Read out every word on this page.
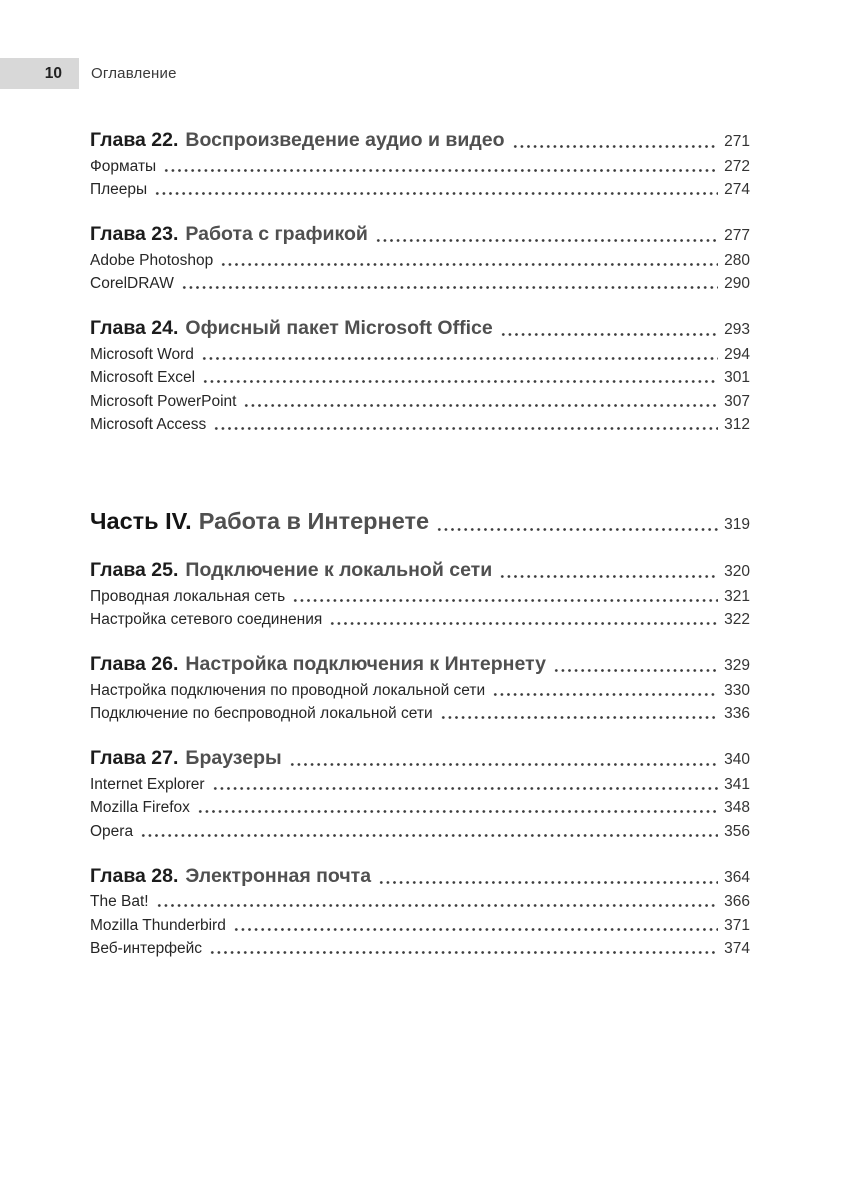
10 Оглавление
Глава 22. Воспроизведение аудио и видео	271
Форматы	272
Плееры	274
Глава 23. Работа с графикой	277
Adobe Photoshop	280
CorelDRAW	290
Глава 24. Офисный пакет Microsoft Office	293
Microsoft Word	294
Microsoft Excel	301
Microsoft PowerPoint	307
Microsoft Access	312
Часть IV. Работа в Интернете	319
Глава 25. Подключение к локальной сети	320
Проводная локальная сеть	321
Настройка сетевого соединения	322
Глава 26. Настройка подключения к Интернету	329
Настройка подключения по проводной локальной сети	330
Подключение по беспроводной локальной сети	336
Глава 27. Браузеры	340
Internet Explorer	341
Mozilla Firefox	348
Opera	356
Глава 28. Электронная почта	364
The Bat!	366
Mozilla Thunderbird	371
Веб-интерфейс	374
